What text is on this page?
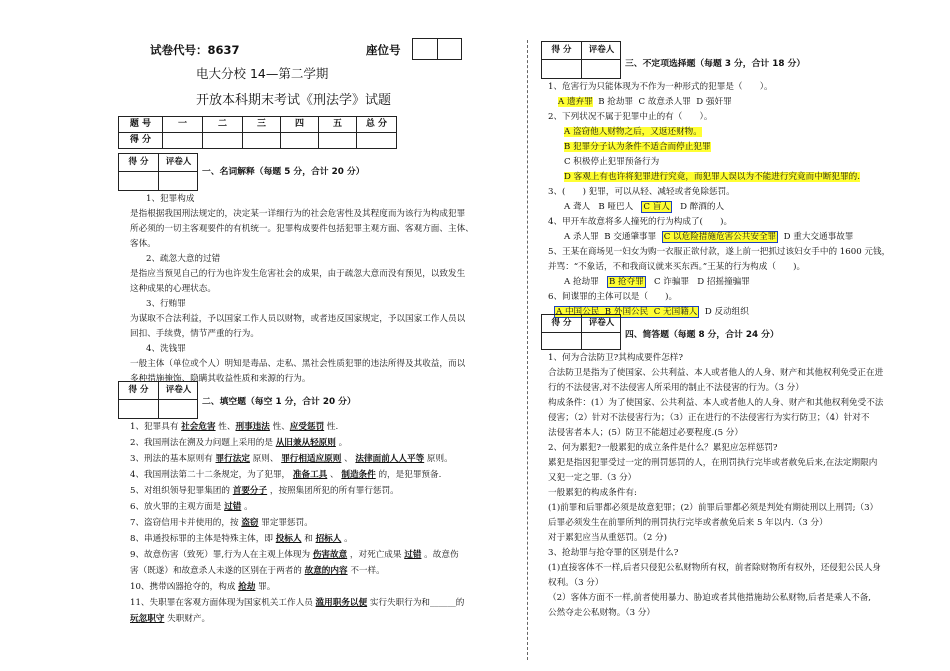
试卷代号：8637	座位号
电大分校 14—第二学期
开放本科期末考试《刑法学》试题
题 号	一	二	三	四	五	总 分
得 分						
得 分	评卷人
一、名词解释（每题 5 分，合计 20 分）
1、犯罪构成
是指根据我国刑法规定的，决定某一详细行为的社会危害性及其程度而为该行为构成犯罪
所必须的一切主客观要件的有机统一。犯罪构成要件包括犯罪主观方面、客观方面、主体、
客体。
2、疏忽大意的过错
是指应当预见自己的行为也许发生危害社会的成果，由于疏忽大意而没有预见，以致发生
这种成果的心理状态。
3、行贿罪
为谋取不合法利益，予以国家工作人员以财物，或者违反国家规定，予以国家工作人员以
回扣、手续费，情节严重的行为。
4、洗钱罪
一般主体（单位或个人）明知是毒品、走私、黑社会性质犯罪的违法所得及其收益，而以
多种措施掩饰、隐瞒其收益性质和来源的行为。
得 分	评卷人
二、填空题（每空 1 分，合计 20 分）
1、犯罪具有 社会危害 性、刑事违法 性、应受惩罚 性.
2、我国刑法在溯及力问题上采用的是 从旧兼从轻原则 。
3、刑法的基本原则有 罪行法定 原则、 罪行相适应原则 、 法律面前人人平等 原则。
4、我国刑法第二十二条规定，为了犯罪， 准备工具 、 制造条件 的，是犯罪预备.
5、对组织领导犯罪集团的 首要分子 ，按照集团所犯的所有罪行惩罚。
6、放火罪的主观方面是 过错 。
7、盗窃信用卡并使用的，按 盗窃 罪定罪惩罚。
8、串通投标罪的主体是特殊主体，即 投标人 和 招标人 。
9、故意伤害（致死）罪,行为人在主观上体现为 伤害故意 ，对死亡成果 过错 。故意伤
害（既遂）和故意杀人未遂的区别在于两者的 故意的内容 不一样。
10、携带凶器抢夺的，构成 抢劫 罪。
11、失职罪在客观方面体现为国家机关工作人员 滥用职务以便 实行失职行为和______的
玩忽职守 失职财产。
得 分	评卷人
三、不定项选择题（每题 3 分，合计 18 分）
1、危害行为只能体现为不作为一种形式的犯罪是（　　）。
A 遗弃罪 B 抢劫罪 C 故意杀人罪 D 强奸罪
2、下列状况不属于犯罪中止的有（　　）。
A 盗窃他人财物之后，又返还财物。
B 犯罪分子认为条件不适合而停止犯罪
C 积极停止犯罪预备行为
D 客观上有也许将犯罪进行究竟，而犯罪人误以为不能进行究竟而中断犯罪的.
3、(　　) 犯罪，可以从轻、减轻或者免除惩罚。
A 聋人 B 哑巴人 C 盲人 D 醉酒的人
4、甲开车故意将多人撞死的行为构成了(　　)。
A 杀人罪 B 交通肇事罪 C 以危险措施危害公共安全罪 D 重大交通事故罪
5、王某在商场见一妇女为购一衣服正欲付款，遂上前一把抓过该妇女手中的 1600 元钱，
并骂：“不象话，不和我商议就来买东西。”王某的行为构成（　　)。
A 抢劫罪 B 抢夺罪 C 诈骗罪 D 招摇撞骗罪
6、间谍罪的主体可以是（　　)。
A 中国公民 B 外国公民 C 无国籍人 D 反动组织
得 分	评卷人
四、简答题（每题 8 分，合计 24 分）
1、何为合法防卫?其构成要件怎样?
合法防卫是指为了使国家、公共利益、本人或者他人的人身、财产和其他权利免受正在进
行的不法侵害,对不法侵害人所采用的制止不法侵害的行为。（3 分）
构成条件：(1）为了使国家、公共利益、本人或者他人的人身、财产和其他权利免受不法
侵害；（2）针对不法侵害行为；（3）正在进行的不法侵害行为实行防卫；（4）针对不
法侵害者本人；(5）防卫不能超过必要程度.(5 分）
2、何为累犯?一般累犯的成立条件是什么？累犯应怎样惩罚?
累犯是指因犯罪受过一定的刑罚惩罚的人，在刑罚执行完毕或者赦免后来,在法定期限内
又犯一定之罪.（3 分）
一般累犯的构成条件有:
(1)前罪和后罪都必须是故意犯罪；(2）前罪后罪都必须是判处有期徒刑以上刑罚;（3）
后罪必须发生在前罪所判的刑罚执行完毕或者赦免后来 5 年以内.（3 分）
对于累犯应当从重惩罚。（2 分)
3、抢劫罪与抢夺罪的区别是什么?
(1)直接客体不一样,后者只侵犯公私财物所有权，前者除财物所有权外，还侵犯公民人身
权利。（3 分）
（2）客体方面不一样,前者使用暴力、胁迫或者其他措施劫公私财物,后者是乘人不备,
公然夺走公私财物。（3 分）
